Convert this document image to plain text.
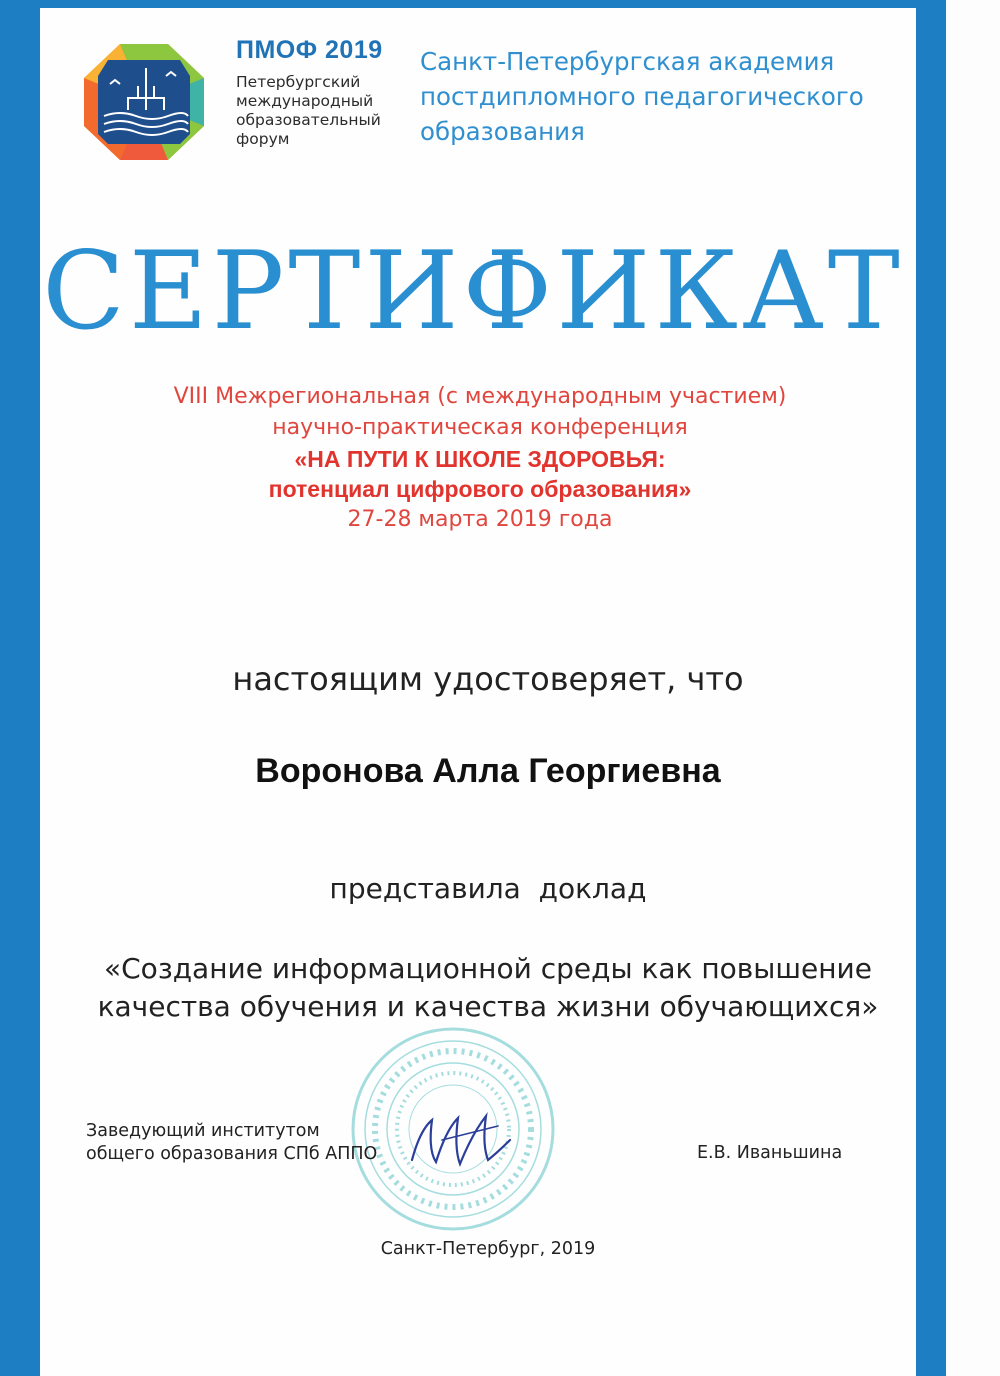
ПМОФ 2019
Петербургский
международный
образовательный
форум
Санкт-Петербургская академия
постдипломного педагогического
образования
СЕРТИФИКАТ
VIII Межрегиональная (с международным участием)
научно-практическая конференция
«НА ПУТИ К ШКОЛЕ ЗДОРОВЬЯ:
потенциал цифрового образования»
27-28 марта 2019 года
настоящим удостоверяет, что
Воронова Алла Георгиевна
представила  доклад
«Создание информационной среды как повышение
качества обучения и качества жизни обучающихся»
Заведующий институтом
общего образования СПб АППО	Е.В. Иваньшина
Санкт-Петербург, 2019
